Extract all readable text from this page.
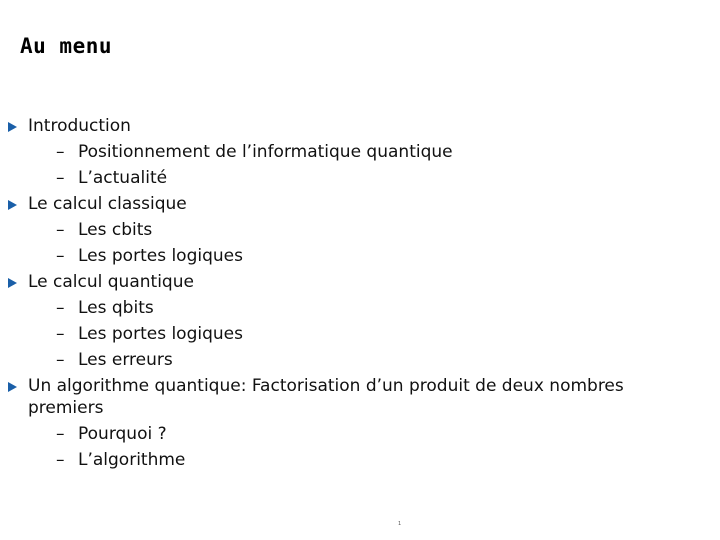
Au menu
Introduction
– Positionnement de l’informatique quantique
– L’actualité
Le calcul classique
– Les cbits
– Les portes logiques
Le calcul quantique
– Les qbits
– Les portes logiques
– Les erreurs
Un algorithme quantique: Factorisation d’un produit de deux nombres premiers
– Pourquoi ?
– L’algorithme
1
